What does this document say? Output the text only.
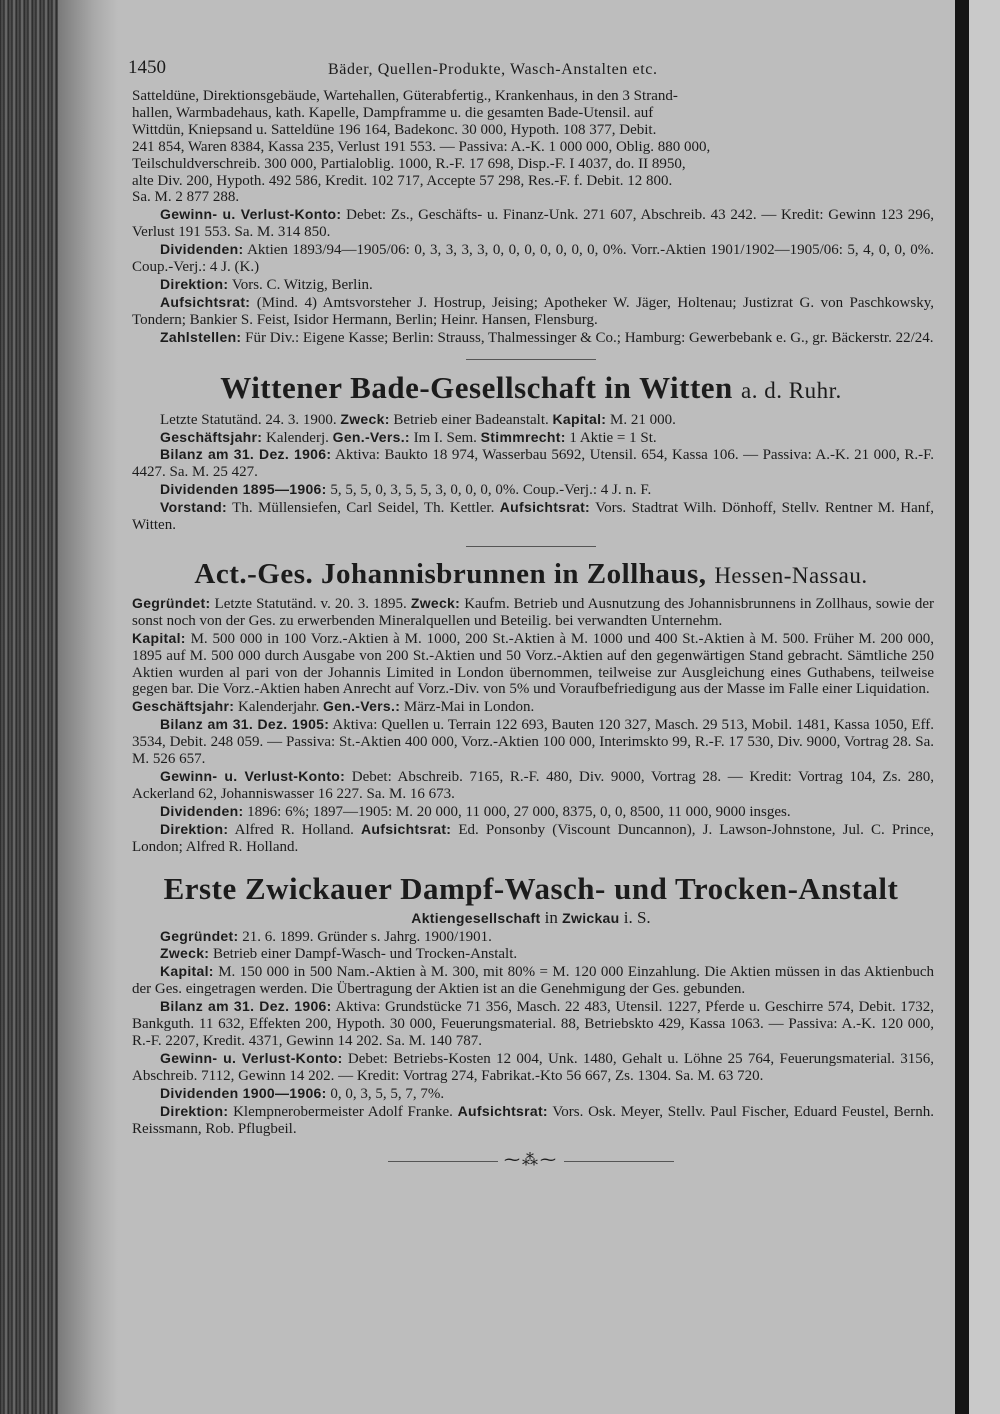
1450	Bäder, Quellen-Produkte, Wasch-Anstalten etc.

Satteldüne, Direktionsgebäude, Wartehallen, Güterabfertig., Krankenhaus, in den 3 Strand-

hallen, Warmbadehaus, kath. Kapelle, Dampframme u. die gesamten Bade-Utensil. auf

Wittdün, Kniepsand u. Satteldüne 196 164, Badekonc. 30 000, Hypoth. 108 377, Debit.

241 854, Waren 8384, Kassa 235, Verlust 191 553. — Passiva: A.-K. 1 000 000, Oblig. 880 000,

Teilschuldverschreib. 300 000, Partialoblig. 1000, R.-F. 17 698, Disp.-F. I 4037, do. II 8950,

alte Div. 200, Hypoth. 492 586, Kredit. 102 717, Accepte 57 298, Res.-F. f. Debit. 12 800.

Sa. M. 2 877 288.

Gewinn- u. Verlust-Konto: Debet: Zs., Geschäfts- u. Finanz-Unk. 271 607, Abschreib. 43 242. — Kredit: Gewinn 123 296, Verlust 191 553. Sa. M. 314 850.

Dividenden: Aktien 1893/94—1905/06: 0, 3, 3, 3, 3, 0, 0, 0, 0, 0, 0, 0, 0%. Vorr.-Aktien 1901/1902—1905/06: 5, 4, 0, 0, 0%. Coup.-Verj.: 4 J. (K.)

Direktion: Vors. C. Witzig, Berlin.

Aufsichtsrat: (Mind. 4) Amtsvorsteher J. Hostrup, Jeising; Apotheker W. Jäger, Holtenau; Justizrat G. von Paschkowsky, Tondern; Bankier S. Feist, Isidor Hermann, Berlin; Heinr. Hansen, Flensburg.

Zahlstellen: Für Div.: Eigene Kasse; Berlin: Strauss, Thalmessinger & Co.; Hamburg: Gewerbebank e. G., gr. Bäckerstr. 22/24.

Wittener Bade-Gesellschaft in Witten a. d. Ruhr.

Letzte Statutänd. 24. 3. 1900. Zweck: Betrieb einer Badeanstalt. Kapital: M. 21 000.

Geschäftsjahr: Kalenderj. Gen.-Vers.: Im I. Sem. Stimmrecht: 1 Aktie = 1 St.

Bilanz am 31. Dez. 1906: Aktiva: Baukto 18 974, Wasserbau 5692, Utensil. 654, Kassa 106. — Passiva: A.-K. 21 000, R.-F. 4427. Sa. M. 25 427.

Dividenden 1895—1906: 5, 5, 5, 0, 3, 5, 5, 3, 0, 0, 0, 0%. Coup.-Verj.: 4 J. n. F.

Vorstand: Th. Müllensiefen, Carl Seidel, Th. Kettler. Aufsichtsrat: Vors. Stadtrat Wilh. Dönhoff, Stellv. Rentner M. Hanf, Witten.

Act.-Ges. Johannisbrunnen in Zollhaus, Hessen-Nassau.

Gegründet: Letzte Statutänd. v. 20. 3. 1895. Zweck: Kaufm. Betrieb und Ausnutzung des Johannisbrunnens in Zollhaus, sowie der sonst noch von der Ges. zu erwerbenden Mineralquellen und Beteilig. bei verwandten Unternehm.

Kapital: M. 500 000 in 100 Vorz.-Aktien à M. 1000, 200 St.-Aktien à M. 1000 und 400 St.-Aktien à M. 500. Früher M. 200 000, 1895 auf M. 500 000 durch Ausgabe von 200 St.-Aktien und 50 Vorz.-Aktien auf den gegenwärtigen Stand gebracht. Sämtliche 250 Aktien wurden al pari von der Johannis Limited in London übernommen, teilweise zur Ausgleichung eines Guthabens, teilweise gegen bar. Die Vorz.-Aktien haben Anrecht auf Vorz.-Div. von 5% und Voraufbefriedigung aus der Masse im Falle einer Liquidation.

Geschäftsjahr: Kalenderjahr. Gen.-Vers.: März-Mai in London.

Bilanz am 31. Dez. 1905: Aktiva: Quellen u. Terrain 122 693, Bauten 120 327, Masch. 29 513, Mobil. 1481, Kassa 1050, Eff. 3534, Debit. 248 059. — Passiva: St.-Aktien 400 000, Vorz.-Aktien 100 000, Interimskto 99, R.-F. 17 530, Div. 9000, Vortrag 28. Sa. M. 526 657.

Gewinn- u. Verlust-Konto: Debet: Abschreib. 7165, R.-F. 480, Div. 9000, Vortrag 28. — Kredit: Vortrag 104, Zs. 280, Ackerland 62, Johanniswasser 16 227. Sa. M. 16 673.

Dividenden: 1896: 6%; 1897—1905: M. 20 000, 11 000, 27 000, 8375, 0, 0, 8500, 11 000, 9000 insges.

Direktion: Alfred R. Holland. Aufsichtsrat: Ed. Ponsonby (Viscount Duncannon), J. Lawson-Johnstone, Jul. C. Prince, London; Alfred R. Holland.

Erste Zwickauer Dampf-Wasch- und Trocken-Anstalt

Aktiengesellschaft in Zwickau i. S.

Gegründet: 21. 6. 1899. Gründer s. Jahrg. 1900/1901.

Zweck: Betrieb einer Dampf-Wasch- und Trocken-Anstalt.

Kapital: M. 150 000 in 500 Nam.-Aktien à M. 300, mit 80% = M. 120 000 Einzahlung. Die Aktien müssen in das Aktienbuch der Ges. eingetragen werden. Die Übertragung der Aktien ist an die Genehmigung der Ges. gebunden.

Bilanz am 31. Dez. 1906: Aktiva: Grundstücke 71 356, Masch. 22 483, Utensil. 1227, Pferde u. Geschirre 574, Debit. 1732, Bankguth. 11 632, Effekten 200, Hypoth. 30 000, Feuerungsmaterial. 88, Betriebskto 429, Kassa 1063. — Passiva: A.-K. 120 000, R.-F. 2207, Kredit. 4371, Gewinn 14 202. Sa. M. 140 787.

Gewinn- u. Verlust-Konto: Debet: Betriebs-Kosten 12 004, Unk. 1480, Gehalt u. Löhne 25 764, Feuerungsmaterial. 3156, Abschreib. 7112, Gewinn 14 202. — Kredit: Vortrag 274, Fabrikat.-Kto 56 667, Zs. 1304. Sa. M. 63 720.

Dividenden 1900—1906: 0, 0, 3, 5, 5, 7, 7%.

Direktion: Klempnerobermeister Adolf Franke. Aufsichtsrat: Vors. Osk. Meyer, Stellv. Paul Fischer, Eduard Feustel, Bernh. Reissmann, Rob. Pflugbeil.

⁓⁂⁓
